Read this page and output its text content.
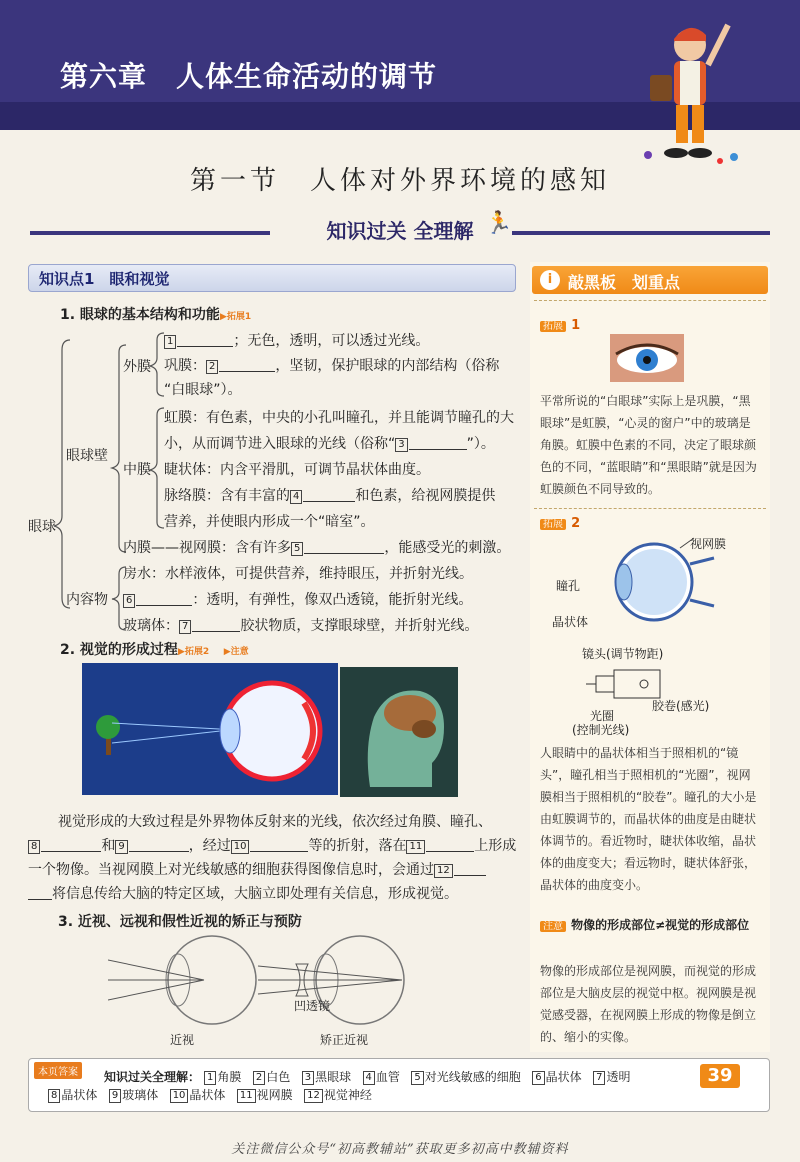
第六章　人体生命活动的调节
第一节　人体对外界环境的感知
知识过关 全理解 🏃
知识点1　眼和视觉
1. 眼球的基本结构和功能▶拓展1
眼球
眼球壁
外膜
中膜
内容物
1	；无色，透明，可以透过光线。
巩膜： 2	，坚韧，保护眼球的内部结构（俗称
“白眼球”）。
虹膜：有色素，中央的小孔叫瞳孔，并且能调节瞳孔的大
小，从而调节进入眼球的光线（俗称“ 3	”）。
睫状体：内含平滑肌，可调节晶状体曲度。
脉络膜：含有丰富的 4	和色素，给视网膜提供
营养，并使眼内形成一个“暗室”。
内膜——视网膜：含有许多 5	，能感受光的刺激。
房水：水样液体，可提供营养，维持眼压，并折射光线。
6	：透明，有弹性，像双凸透镜，能折射光线。
玻璃体： 7	胶状物质，支撑眼球壁，并折射光线。
2. 视觉的形成过程▶拓展2 ▶注意
视觉形成的大致过程是外界物体反射来的光线，依次经过角膜、瞳孔、
8	和 9	，经过 10	等的折射，落在 11	上形成
一个物像。当视网膜上对光线敏感的细胞获得图像信息时，会通过 12
将信息传给大脑的特定区域，大脑立即处理有关信息，形成视觉。
3. 近视、远视和假性近视的矫正与预防
凹透镜
近视	矫正近视
i 敲黑板　划重点
拓展 1
平常所说的“白眼球”实际上是巩膜，“黑眼球”是虹膜，“心灵的窗户”中的玻璃是角膜。虹膜中色素的不同，决定了眼球颜色的不同，“蓝眼睛”和“黑眼睛”就是因为虹膜颜色不同导致的。
拓展 2
视网膜
瞳孔
晶状体
镜头(调节物距)
光圈
(控制光线)
胶卷(感光)
人眼睛中的晶状体相当于照相机的“镜头”，瞳孔相当于照相机的“光圈”，视网膜相当于照相机的“胶卷”。瞳孔的大小是由虹膜调节的，而晶状体的曲度是由睫状体调节的。看近物时，睫状体收缩，晶状体的曲度变大；看远物时，睫状体舒张，晶状体的曲度变小。
注意 物像的形成部位≠视觉的形成部位
物像的形成部位是视网膜，而视觉的形成部位是大脑皮层的视觉中枢。视网膜是视觉感受器，在视网膜上形成的物像是倒立的、缩小的实像。
本页答案	知识过关全理解： 1 角膜 2 白色 3 黑眼球 4 血管 5 对光线敏感的细胞 6 晶状体 7 透明
8 晶状体 9 玻璃体 10 晶状体 11 视网膜 12 视觉神经
39
关注微信公众号“初高教辅站”获取更多初高中教辅资料
